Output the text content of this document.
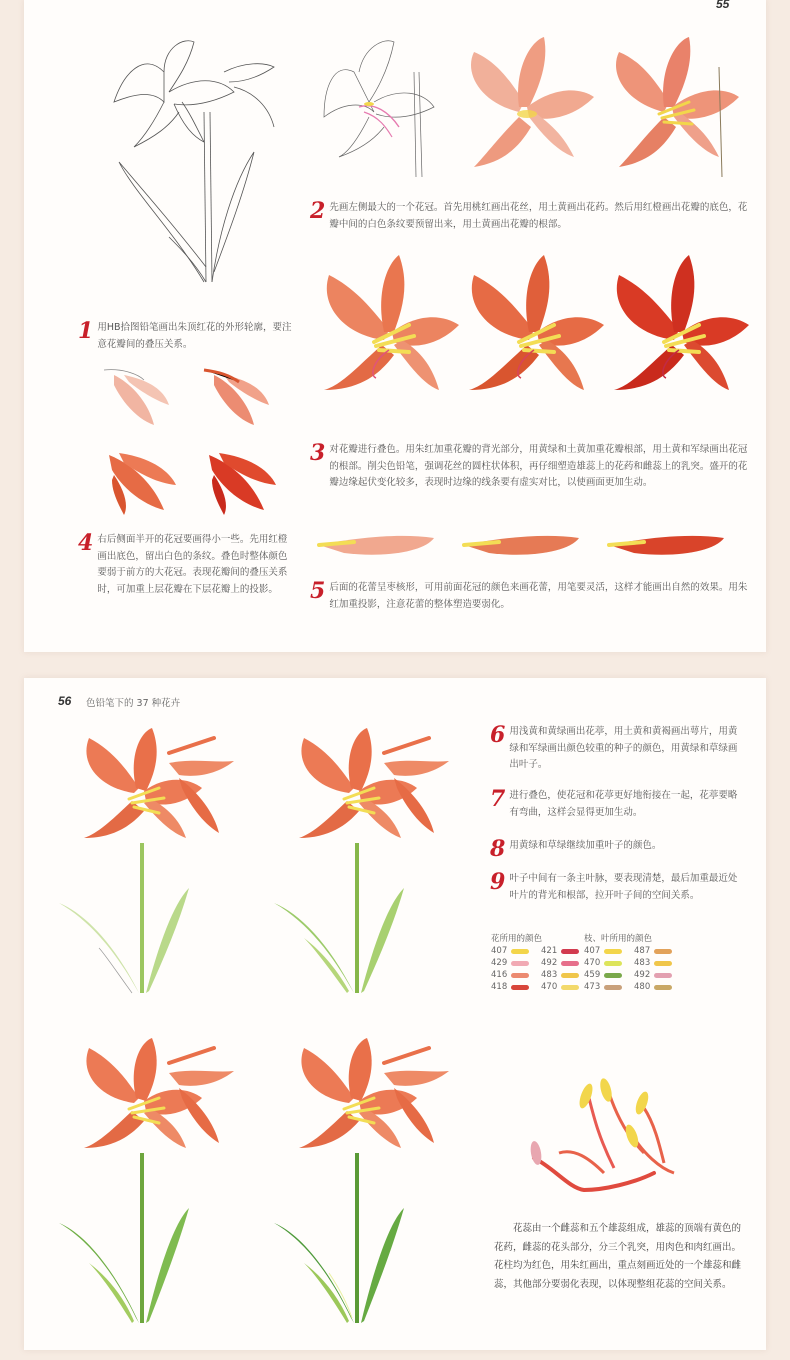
55
1 用HB拾图铅笔画出朱顶红花的外形轮廓，要注意花瓣间的叠压关系。
2 先画左侧最大的一个花冠。首先用桃红画出花丝，用土黄画出花药。然后用红橙画出花瓣的底色，花瓣中间的白色条纹要预留出来，用土黄画出花瓣的根部。
3 对花瓣进行叠色。用朱红加重花瓣的背光部分，用黄绿和土黄加重花瓣根部，用土黄和军绿画出花冠的根部。削尖色铅笔，强调花丝的圆柱状体积，再仔细塑造雄蕊上的花药和雌蕊上的乳突。盛开的花瓣边缘起伏变化较多，表现时边缘的线条要有虚实对比，以使画面更加生动。
4 右后侧面半开的花冠要画得小一些。先用红橙画出底色，留出白色的条纹。叠色时整体颜色要弱于前方的大花冠。表现花瓣间的叠压关系时，可加重上层花瓣在下层花瓣上的投影。	5 后面的花蕾呈枣核形，可用前面花冠的颜色来画花蕾，用笔要灵活，这样才能画出自然的效果。用朱红加重投影，注意花蕾的整体塑造要弱化。
56 色铅笔下的 37 种花卉
6 用浅黄和黄绿画出花葶，用土黄和黄褐画出萼片，用黄绿和军绿画出颜色较重的种子的颜色，用黄绿和草绿画出叶子。
7 进行叠色，使花冠和花葶更好地衔接在一起，花葶要略有弯曲，这样会显得更加生动。
8 用黄绿和草绿继续加重叶子的颜色。
9 叶子中间有一条主叶脉，要表现清楚，最后加重最近处叶片的背光和根部，拉开叶子间的空间关系。
花所用的颜色
407	421
429	492
416	483
418	470
枝、叶所用的颜色
407	487
470	483
459	492
473	480
花蕊由一个雌蕊和五个雄蕊组成，雄蕊的顶端有黄色的花药，雌蕊的花头部分，分三个乳突，用肉色和肉红画出。花柱均为红色，用朱红画出，重点刻画近处的一个雄蕊和雌蕊，其他部分要弱化表现，以体现整组花蕊的空间关系。
